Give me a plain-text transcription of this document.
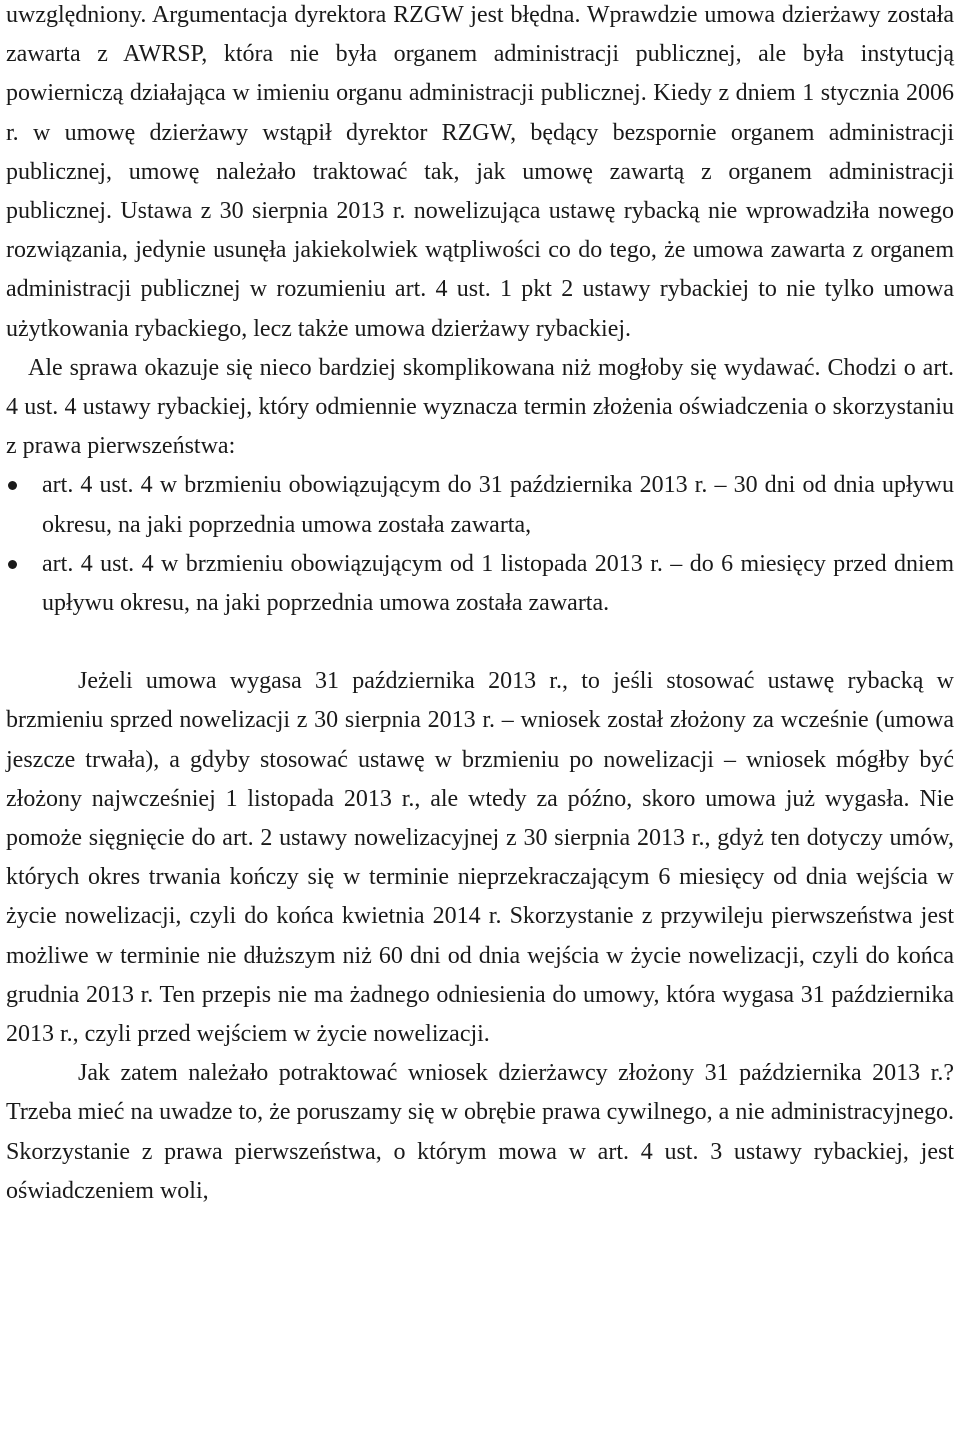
uwzględniony. Argumentacja dyrektora RZGW jest błędna. Wprawdzie umowa dzierżawy została zawarta z AWRSP, która nie była organem administracji publicznej, ale była instytucją powierniczą działająca w imieniu organu administracji publicznej. Kiedy z dniem 1 stycznia 2006 r. w umowę dzierżawy wstąpił dyrektor RZGW, będący bezspornie organem administracji publicznej, umowę należało traktować tak, jak umowę zawartą z organem administracji publicznej. Ustawa z 30 sierpnia 2013 r. nowelizująca ustawę rybacką nie wprowadziła nowego rozwiązania, jedynie usunęła jakiekolwiek wątpliwości co do tego, że umowa zawarta z organem administracji publicznej w rozumieniu art. 4 ust. 1 pkt 2 ustawy rybackiej to nie tylko umowa użytkowania rybackiego, lecz także umowa dzierżawy rybackiej.

Ale sprawa okazuje się nieco bardziej skomplikowana niż mogłoby się wydawać. Chodzi o art. 4 ust. 4 ustawy rybackiej, który odmiennie wyznacza termin złożenia oświadczenia o skorzystaniu z prawa pierwszeństwa:

art. 4 ust. 4 w brzmieniu obowiązującym do 31 października 2013 r. – 30 dni od dnia upływu okresu, na jaki poprzednia umowa została zawarta,
art. 4 ust. 4 w brzmieniu obowiązującym od 1 listopada 2013 r. – do 6 miesięcy przed dniem upływu okresu, na jaki poprzednia umowa została zawarta.

Jeżeli umowa wygasa 31 października 2013 r., to jeśli stosować ustawę rybacką w brzmieniu sprzed nowelizacji z 30 sierpnia 2013 r. – wniosek został złożony za wcześnie (umowa jeszcze trwała), a gdyby stosować ustawę w brzmieniu po nowelizacji – wniosek mógłby być złożony najwcześniej 1 listopada 2013 r., ale wtedy za późno, skoro umowa już wygasła. Nie pomoże sięgnięcie do art. 2 ustawy nowelizacyjnej z 30 sierpnia 2013 r., gdyż ten dotyczy umów, których okres trwania kończy się w terminie nieprzekraczającym 6 miesięcy od dnia wejścia w życie nowelizacji, czyli do końca kwietnia 2014 r. Skorzystanie z przywileju pierwszeństwa jest możliwe w terminie nie dłuższym niż 60 dni od dnia wejścia w życie nowelizacji, czyli do końca grudnia 2013 r. Ten przepis nie ma żadnego odniesienia do umowy, która wygasa 31 października 2013 r., czyli przed wejściem w życie nowelizacji.

Jak zatem należało potraktować wniosek dzierżawcy złożony 31 października 2013 r.? Trzeba mieć na uwadze to, że poruszamy się w obrębie prawa cywilnego, a nie administracyjnego. Skorzystanie z prawa pierwszeństwa, o którym mowa w art. 4 ust. 3 ustawy rybackiej, jest oświadczeniem woli,
